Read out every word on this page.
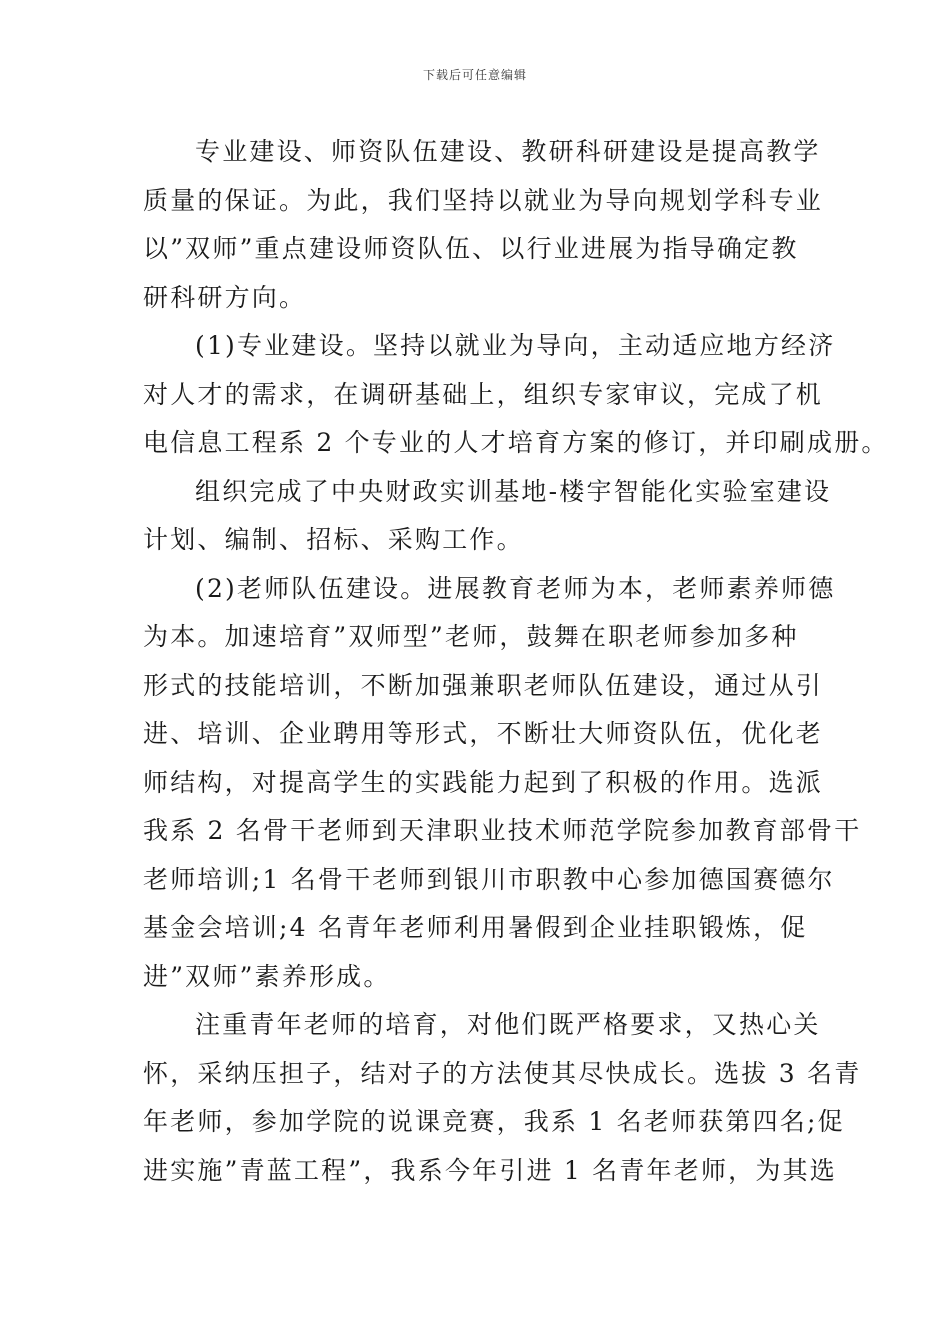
下载后可任意编辑
专业建设、师资队伍建设、教研科研建设是提高教学
质量的保证。为此，我们坚持以就业为导向规划学科专业
以”双师”重点建设师资队伍、以行业进展为指导确定教
研科研方向。
(1)专业建设。坚持以就业为导向，主动适应地方经济
对人才的需求，在调研基础上，组织专家审议，完成了机
电信息工程系 2 个专业的人才培育方案的修订，并印刷成册。
组织完成了中央财政实训基地-楼宇智能化实验室建设
计划、编制、招标、采购工作。
(2)老师队伍建设。进展教育老师为本，老师素养师德
为本。加速培育”双师型”老师，鼓舞在职老师参加多种
形式的技能培训，不断加强兼职老师队伍建设，通过从引
进、培训、企业聘用等形式，不断壮大师资队伍，优化老
师结构，对提高学生的实践能力起到了积极的作用。选派
我系 2 名骨干老师到天津职业技术师范学院参加教育部骨干
老师培训;1 名骨干老师到银川市职教中心参加德国赛德尔
基金会培训;4 名青年老师利用暑假到企业挂职锻炼，促
进”双师”素养形成。
注重青年老师的培育，对他们既严格要求，又热心关
怀，采纳压担子，结对子的方法使其尽快成长。选拔 3 名青
年老师，参加学院的说课竞赛，我系 1 名老师获第四名;促
进实施”青蓝工程”，我系今年引进 1 名青年老师，为其选
